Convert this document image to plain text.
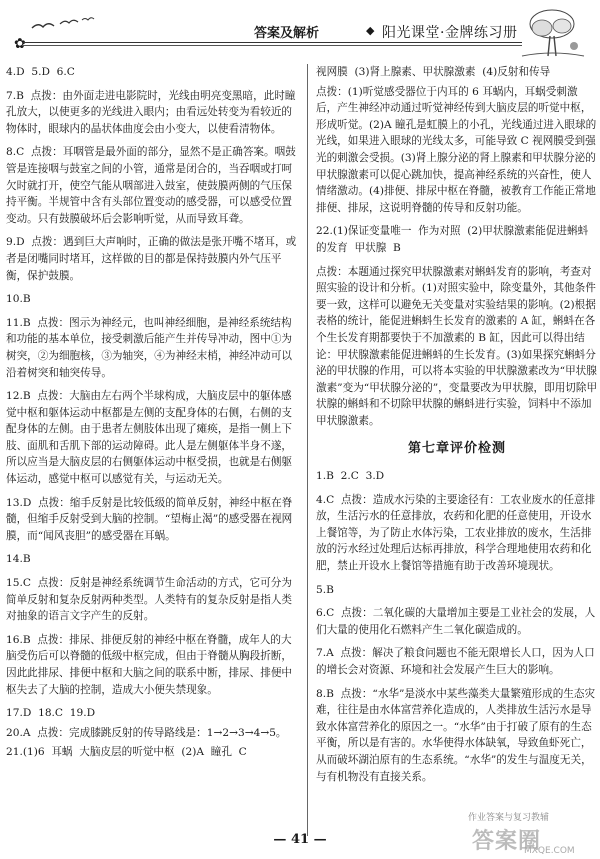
✿
答案及解析	◆ 阳光课堂·金牌练习册

4.D  5.D  6.C

7.B  点拨：由外面走进电影院时，光线由明亮变黑暗，此时瞳孔放大，以使更多的光线进入眼内；由看远处转变为看较近的物体时，眼球内的晶状体曲度会由小变大，以使看清物体。

8.C  点拨：耳咽管是最外面的部分，显然不是正确答案。咽鼓管是连接咽与鼓室之间的小管，通常是闭合的，当吞咽或打呵欠时就打开，使空气能从咽部进入鼓室，使鼓膜两侧的气压保持平衡。半规管中含有头部位置变动的感受器，可以感受位置变动。只有鼓膜破坏后会影响听觉，从而导致耳聋。

9.D  点拨：遇到巨大声响时，正确的做法是张开嘴不堵耳，或者是闭嘴同时堵耳，这样做的目的都是保持鼓膜内外气压平衡，保护鼓膜。

10.B

11.B  点拨：图示为神经元，也叫神经细胞，是神经系统结构和功能的基本单位，接受刺激后能产生并传导冲动，图中①为树突，②为细胞核，③为轴突，④为神经末梢，神经冲动可以沿着树突和轴突传导。

12.B  点拨：大脑由左右两个半球构成，大脑皮层中的躯体感觉中枢和躯体运动中枢都是左侧的支配身体的右侧，右侧的支配身体的左侧。由于患者左侧肢体出现了瘫痪，是指一侧上下肢、面肌和舌肌下部的运动障碍。此人是左侧躯体半身不遂，所以应当是大脑皮层的右侧躯体运动中枢受损，也就是右侧躯体运动，感觉中枢可以感觉有关，与运动无关。

13.D  点拨：缩手反射是比较低级的简单反射，神经中枢在脊髓，但缩手反射受到大脑的控制。“望梅止渴”的感受器在视网膜，而“闻风丧胆”的感受器在耳蜗。

14.B

15.C  点拨：反射是神经系统调节生命活动的方式，它可分为简单反射和复杂反射两种类型。人类特有的复杂反射是指人类对抽象的语言文字产生的反射。

16.B  点拨：排尿、排便反射的神经中枢在脊髓，成年人的大脑受伤后可以脊髓的低级中枢完成，但由于脊髓从胸段折断，因此此排尿、排便中枢和大脑之间的联系中断，排尿、排便中枢失去了大脑的控制，造成大小便失禁现象。

17.D  18.C  19.D

20.A  点拨：完成膝跳反射的传导路线是：1→2→3→4→5。

21.(1)6  耳蜗  大脑皮层的听觉中枢  (2)A  瞳孔  C

视网膜  (3)肾上腺素、甲状腺激素  (4)反射和传导

点拨：(1)听觉感受器位于内耳的 6 耳蜗内，耳蜗受刺激后，产生神经冲动通过听觉神经传到大脑皮层的听觉中枢，形成听觉。(2)A 瞳孔是虹膜上的小孔，光线通过进入眼球的光线，如果进入眼球的光线太多，可能导致 C 视网膜受到强光的刺激会受损。(3)肾上腺分泌的肾上腺素和甲状腺分泌的甲状腺激素可以促心跳加快，提高神经系统的兴奋性，使人情绪激动。(4)排便、排尿中枢在脊髓，被教育工作能正常地排便、排尿，这说明脊髓的传导和反射功能。

22.(1)保证变量唯一  作为对照  (2)甲状腺激素能促进蝌蚪的发育  甲状腺  B

点拨：本题通过探究甲状腺激素对蝌蚪发育的影响，考查对照实验的设计和分析。(1)对照实验中，除变量外，其他条件要一致，这样可以避免无关变量对实验结果的影响。(2)根据表格的统计，能促进蝌蚪生长发育的激素的 A 缸，蝌蚪在各个生长发育期都要快于不加激素的 B 缸，因此可以得出结论：甲状腺激素能促进蝌蚪的生长发育。(3)如果探究蝌蚪分泌的甲状腺的作用，可以将本实验的甲状腺激素改为“甲状腺激素”变为“甲状腺分泌的”，变量要改为甲状腺，即用切除甲状腺的蝌蚪和不切除甲状腺的蝌蚪进行实验，饲料中不添加甲状腺激素。

第七章评价检测

1.B  2.C  3.D

4.C  点拨：造成水污染的主要途径有：工农业废水的任意排放，生活污水的任意排放，农药和化肥的任意使用，开设水上餐馆等，为了防止水体污染，工农业排放的废水，生活排放的污水经过处理后达标再排放，科学合理地使用农药和化肥，禁止开设水上餐馆等措施有助于改善环境现状。

5.B

6.C  点拨：二氧化碳的大量增加主要是工业社会的发展，人们大量的使用化石燃料产生二氧化碳造成的。

7.A  点拨：解决了粮食问题也不能无限增长人口，因为人口的增长会对资源、环境和社会发展产生巨大的影响。

8.B  点拨：“水华”是淡水中某些藻类大量繁殖形成的生态灾难，往往是由水体富营养化造成的，人类排放生活污水是导致水体富营养化的原因之一。“水华”由于打破了原有的生态平衡，所以是有害的。水华使得水体缺氧，导致鱼虾死亡，从而破坏湖泊原有的生态系统。“水华”的发生与温度无关，与有机物没有直接关系。

— 41 —
作业答案与复习教辅
答案圈
MXQE.COM
